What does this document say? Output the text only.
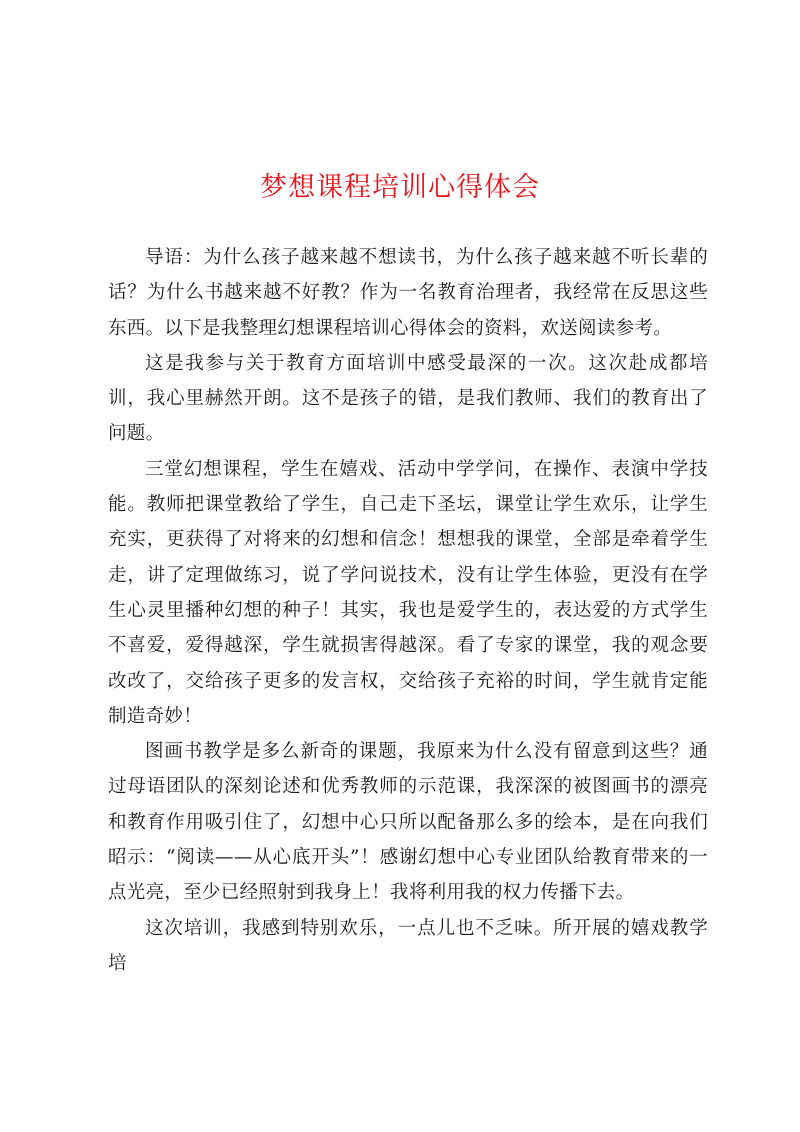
梦想课程培训心得体会

导语：为什么孩子越来越不想读书，为什么孩子越来越不听长辈的话？为什么书越来越不好教？作为一名教育治理者，我经常在反思这些东西。以下是我整理幻想课程培训心得体会的资料，欢送阅读参考。

这是我参与关于教育方面培训中感受最深的一次。这次赴成都培训，我心里赫然开朗。这不是孩子的错，是我们教师、我们的教育出了问题。

三堂幻想课程，学生在嬉戏、活动中学学问，在操作、表演中学技能。教师把课堂教给了学生，自己走下圣坛，课堂让学生欢乐，让学生充实，更获得了对将来的幻想和信念！想想我的课堂，全部是牵着学生走，讲了定理做练习，说了学问说技术，没有让学生体验，更没有在学生心灵里播种幻想的种子！其实，我也是爱学生的，表达爱的方式学生不喜爱，爱得越深，学生就损害得越深。看了专家的课堂，我的观念要改改了，交给孩子更多的发言权，交给孩子充裕的时间，学生就肯定能制造奇妙！

图画书教学是多么新奇的课题，我原来为什么没有留意到这些？通过母语团队的深刻论述和优秀教师的示范课，我深深的被图画书的漂亮和教育作用吸引住了，幻想中心只所以配备那么多的绘本，是在向我们昭示：“阅读——从心底开头”！感谢幻想中心专业团队给教育带来的一点光亮，至少已经照射到我身上！我将利用我的权力传播下去。

这次培训，我感到特别欢乐，一点儿也不乏味。所开展的嬉戏教学培
